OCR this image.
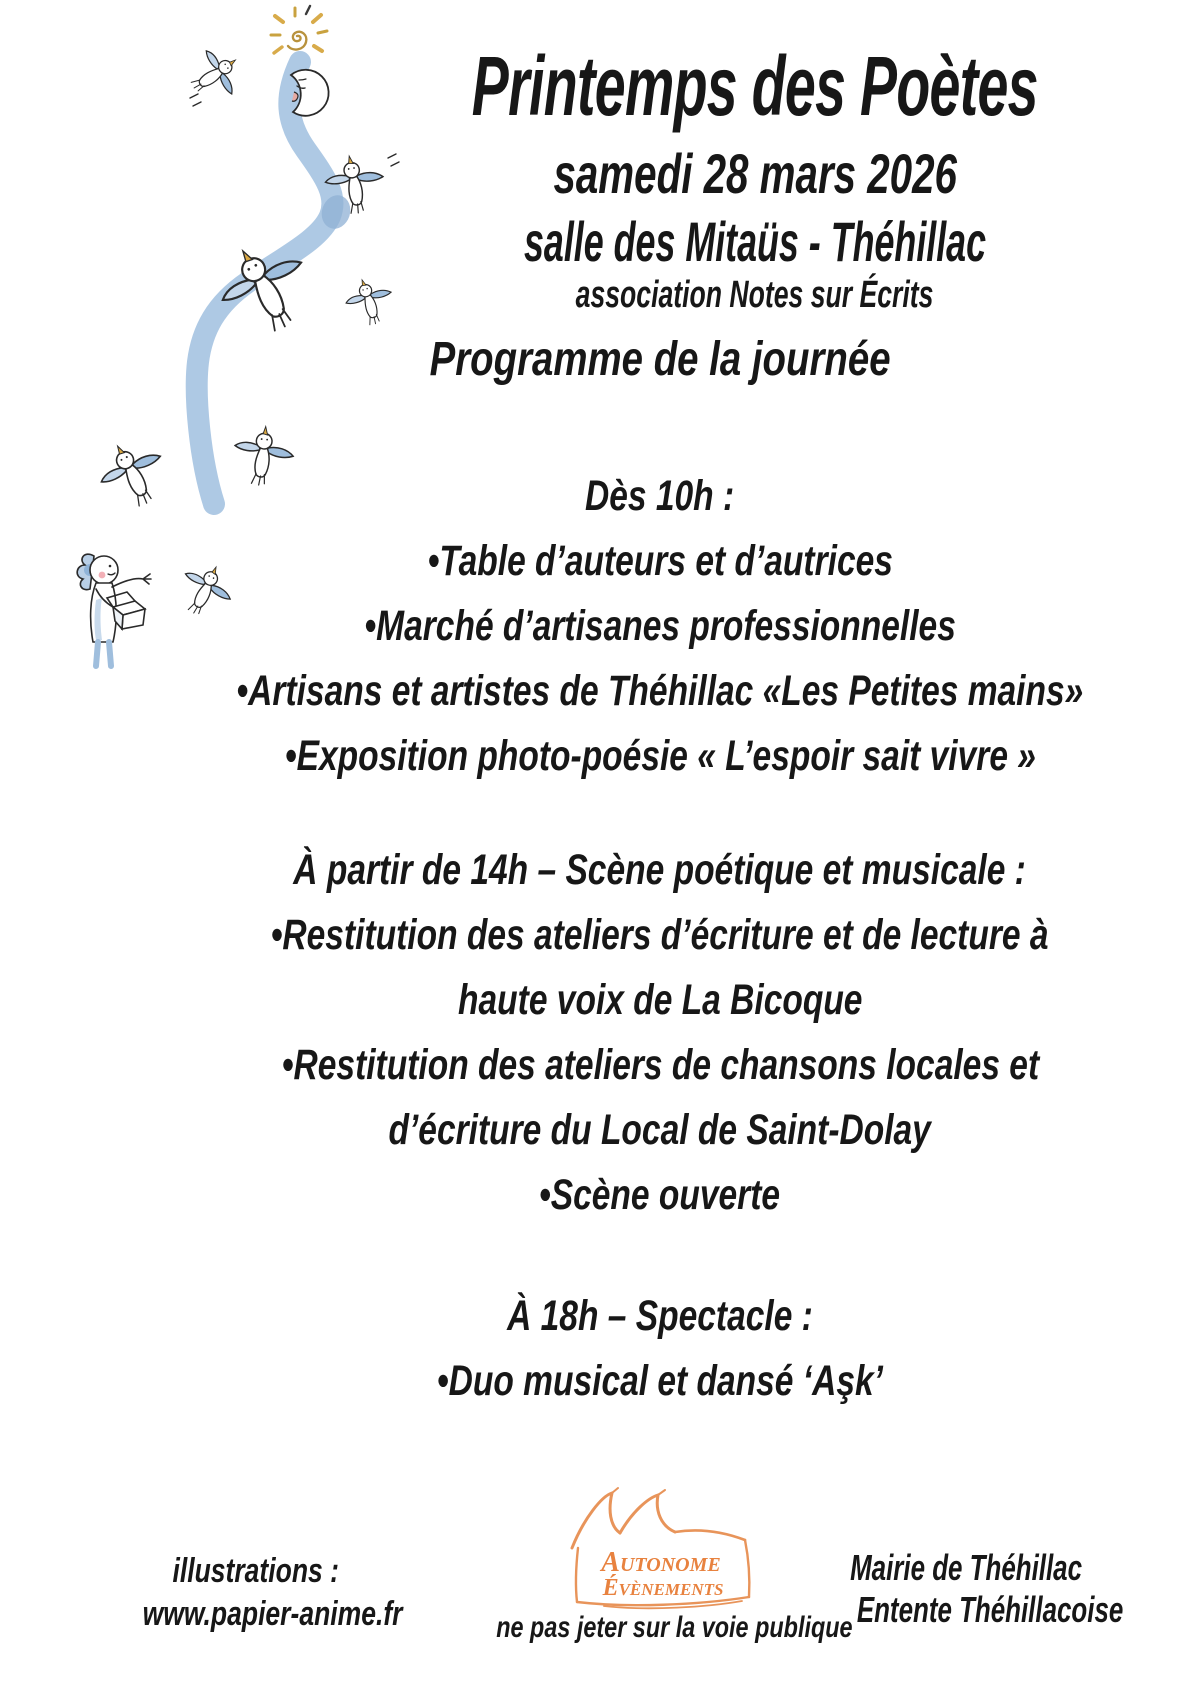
Printemps des Poètes
samedi 28 mars 2026
salle des Mitaüs - Théhillac
association Notes sur Écrits
Programme de la journée
Dès 10h :
•Table d’auteurs et d’autrices
•Marché d’artisanes professionnelles
•Artisans et artistes de Théhillac «Les Petites mains»
•Exposition photo-poésie « L’espoir sait vivre »
À partir de 14h – Scène poétique et musicale :
•Restitution des ateliers d’écriture et de lecture à
haute voix de La Bicoque
•Restitution des ateliers de chansons locales et
d’écriture du Local de Saint-Dolay
•Scène ouverte
À 18h – Spectacle :
•Duo musical et dansé ‘Aşk’
illustrations :
www.papier-anime.fr
Autonome
Évènements
ne pas jeter sur la voie publique
Mairie de Théhillac
Entente Théhillacoise
